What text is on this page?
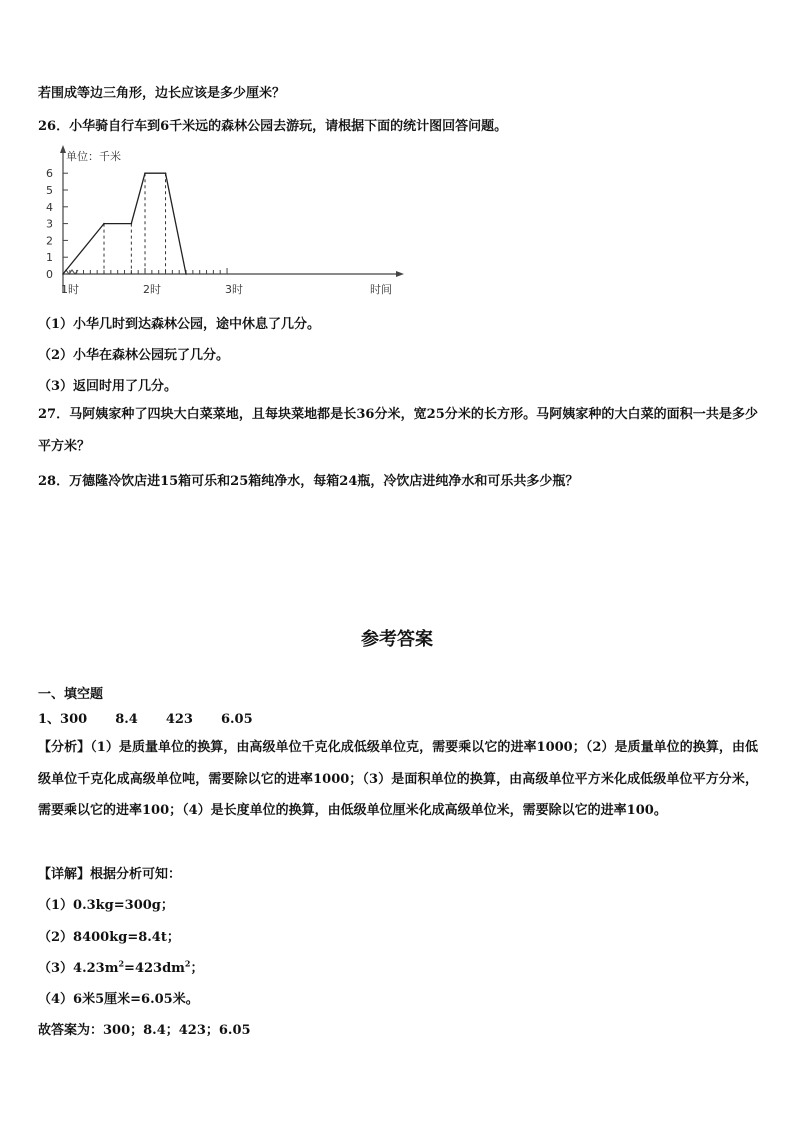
若围成等边三角形，边长应该是多少厘米？
26．小华骑自行车到6千米远的森林公园去游玩，请根据下面的统计图回答问题。
单位：千米
时间
0
1
2
3
4
5
6
1时	2时	3时
（1）小华几时到达森林公园，途中休息了几分。
（2）小华在森林公园玩了几分。
（3）返回时用了几分。
27．马阿姨家种了四块大白菜菜地，且每块菜地都是长36分米，宽25分米的长方形。马阿姨家种的大白菜的面积一共是多少平方米？
28．万德隆冷饮店进15箱可乐和25箱纯净水，每箱24瓶，冷饮店进纯净水和可乐共多少瓶？
参考答案
一、填空题
1、300 8.4 423 6.05
【分析】（1）是质量单位的换算，由高级单位千克化成低级单位克，需要乘以它的进率1000；（2）是质量单位的换算，由低级单位千克化成高级单位吨，需要除以它的进率1000；（3）是面积单位的换算，由高级单位平方米化成低级单位平方分米，需要乘以它的进率100；（4）是长度单位的换算，由低级单位厘米化成高级单位米，需要除以它的进率100。
【详解】根据分析可知：
（1）0.3kg=300g；
（2）8400kg=8.4t；
$(3)4.23m^2=423dm^2$；
（4）6米5厘米=6.05米。
故答案为：300；8.4；423；6.05
